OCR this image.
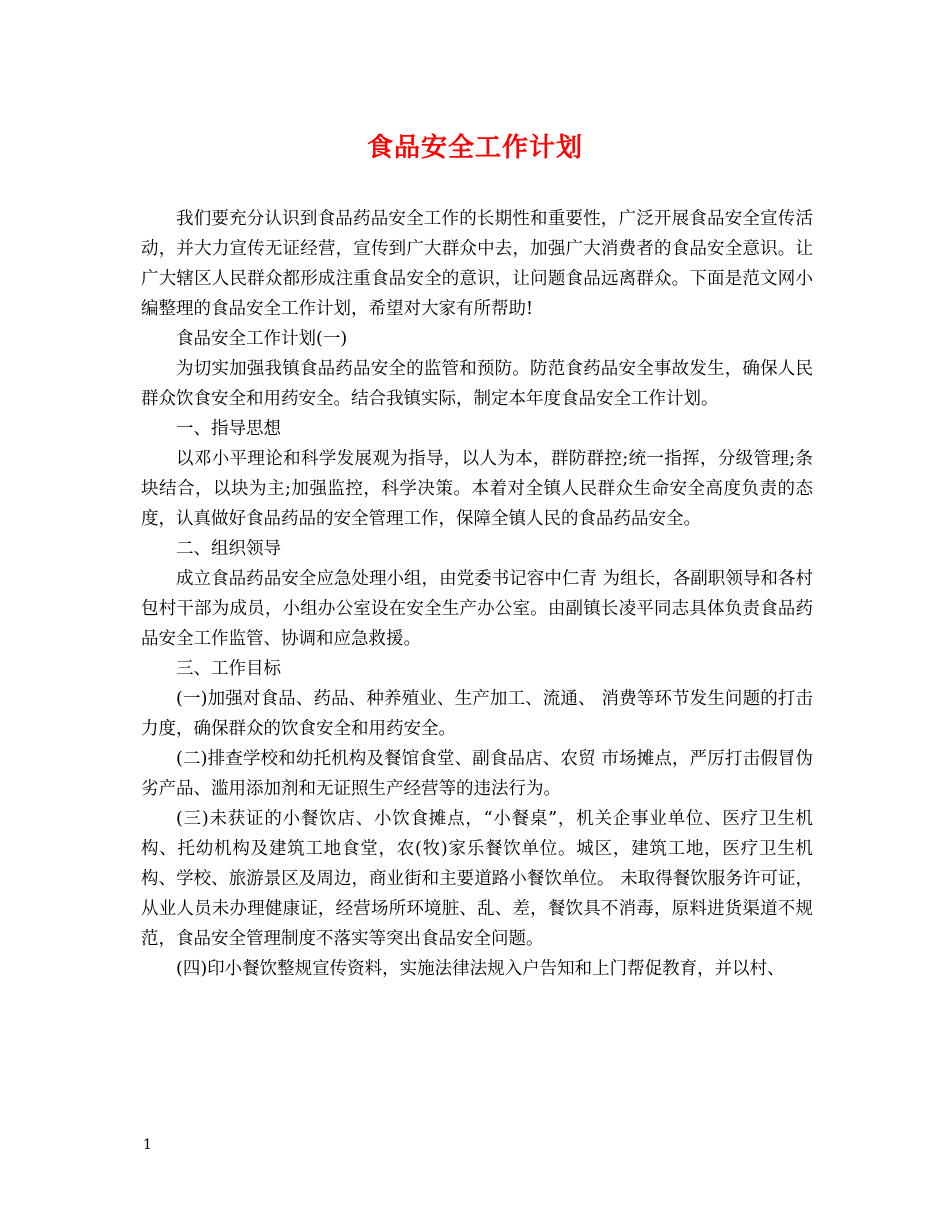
食品安全工作计划

我们要充分认识到食品药品安全工作的长期性和重要性，广泛开展食品安全宣传活动，并大力宣传无证经营，宣传到广大群众中去，加强广大消费者的食品安全意识。让广大辖区人民群众都形成注重食品安全的意识，让问题食品远离群众。下面是范文网小编整理的食品安全工作计划，希望对大家有所帮助!

食品安全工作计划(一)

为切实加强我镇食品药品安全的监管和预防。防范食药品安全事故发生，确保人民群众饮食安全和用药安全。结合我镇实际，制定本年度食品安全工作计划。

一、指导思想

以邓小平理论和科学发展观为指导，以人为本，群防群控;统一指挥，分级管理;条块结合，以块为主;加强监控，科学决策。本着对全镇人民群众生命安全高度负责的态度，认真做好食品药品的安全管理工作，保障全镇人民的食品药品安全。

二、组织领导

成立食品药品安全应急处理小组，由党委书记容中仁青 为组长，各副职领导和各村包村干部为成员，小组办公室设在安全生产办公室。由副镇长凌平同志具体负责食品药品安全工作监管、协调和应急救援。

三、工作目标

(一)加强对食品、药品、种养殖业、生产加工、流通、 消费等环节发生问题的打击力度，确保群众的饮食安全和用药安全。

(二)排查学校和幼托机构及餐馆食堂、副食品店、农贸 市场摊点，严厉打击假冒伪劣产品、滥用添加剂和无证照生产经营等的违法行为。

(三)未获证的小餐饮店、小饮食摊点，“小餐桌”，机关企事业单位、医疗卫生机构、托幼机构及建筑工地食堂，农(牧)家乐餐饮单位。城区，建筑工地，医疗卫生机构、学校、旅游景区及周边，商业街和主要道路小餐饮单位。 未取得餐饮服务许可证，从业人员未办理健康证，经营场所环境脏、乱、差，餐饮具不消毒，原料进货渠道不规范，食品安全管理制度不落实等突出食品安全问题。

(四)印小餐饮整规宣传资料，实施法律法规入户告知和上门帮促教育，并以村、

1
